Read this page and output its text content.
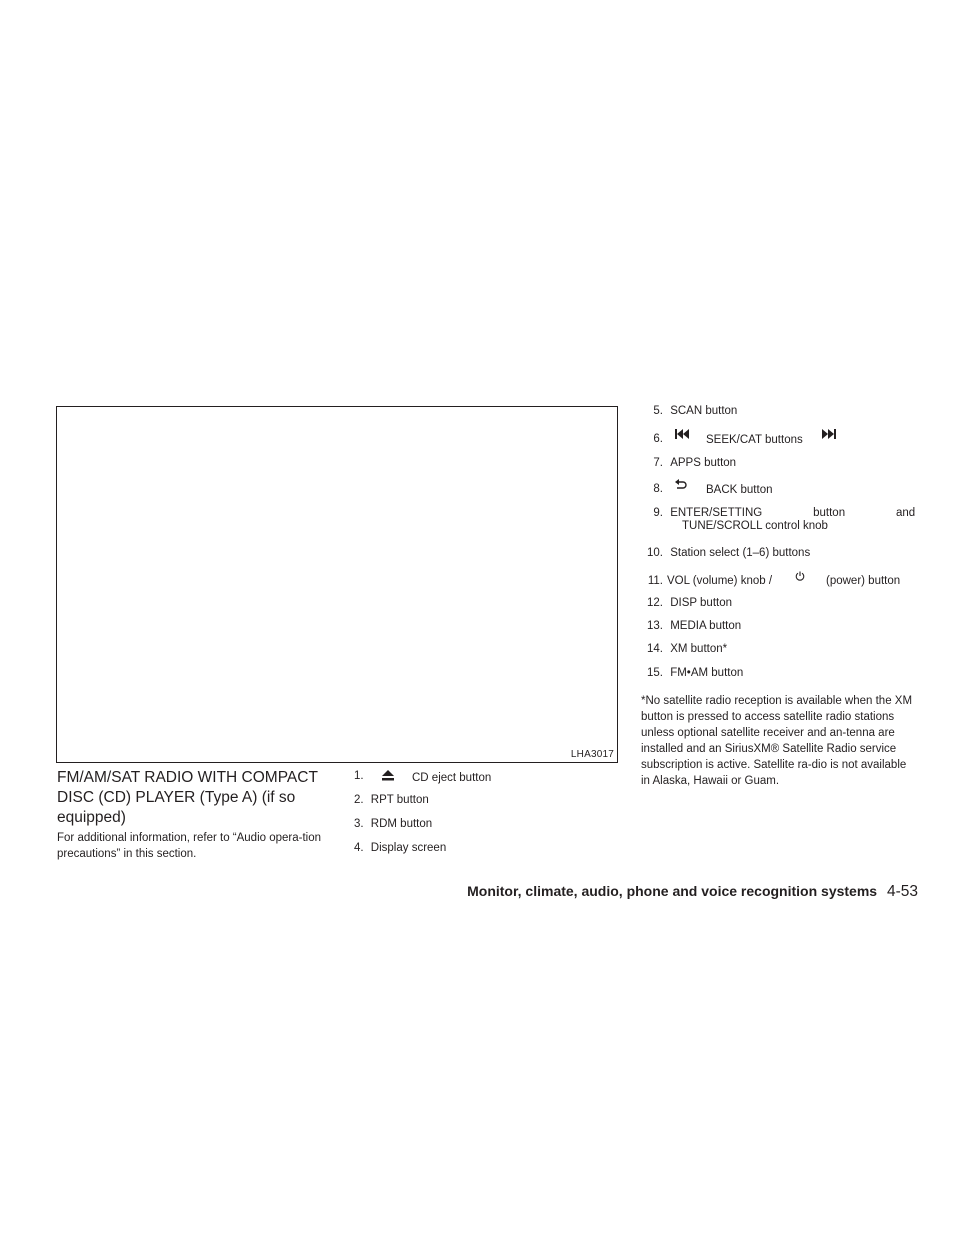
LHA3017
FM/AM/SAT RADIO WITH COMPACT DISC (CD) PLAYER (Type A) (if so equipped)

For additional information, refer to “Audio opera-tion precautions” in this section.

1.	CD eject button
2. RPT button
3. RDM button
4. Display screen
5. SCAN button
6.	SEEK/CAT buttons
7. APPS button
8.	BACK button
9. ENTER/SETTING button and
TUNE/SCROLL control knob
10. Station select (1–6) buttons
11. VOL (volume) knob /	(power) button
12. DISP button
13. MEDIA button
14. XM button*
15. FM•AM button

*No satellite radio reception is available when the XM button is pressed to access satellite radio stations unless optional satellite receiver and an-tenna are installed and an SiriusXM® Satellite Radio service subscription is active. Satellite ra-dio is not available in Alaska, Hawaii or Guam.

Monitor, climate, audio, phone and voice recognition systems 4-53
